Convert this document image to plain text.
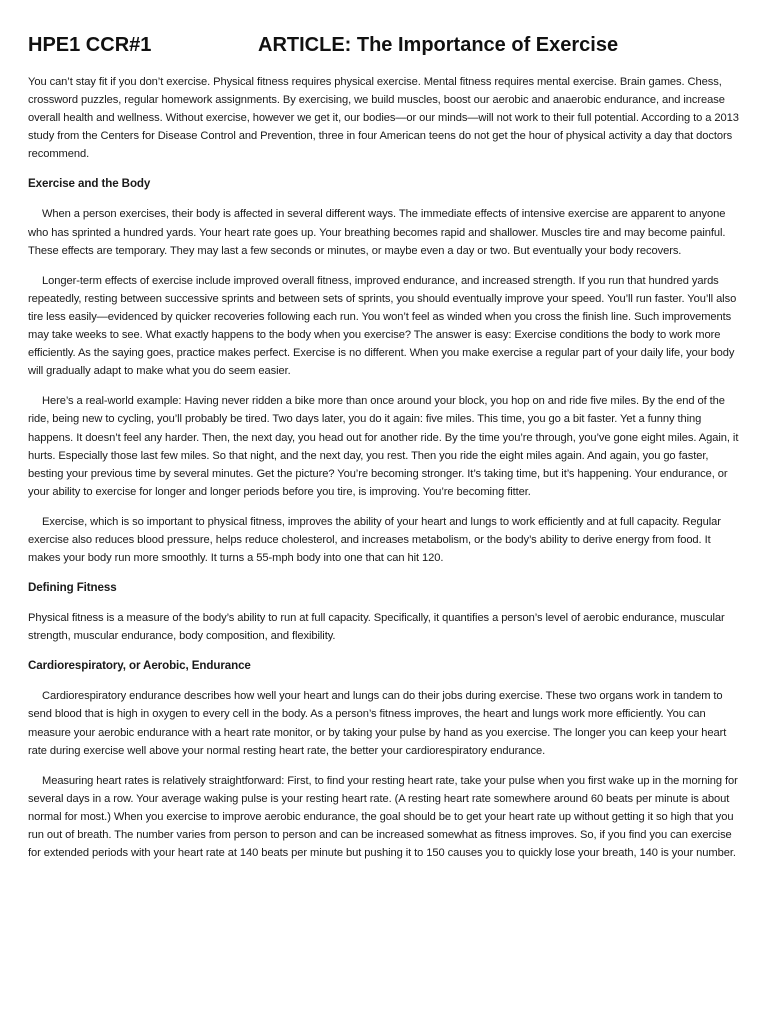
HPE1 CCR#1	ARTICLE: The Importance of Exercise

You can’t stay fit if you don’t exercise. Physical fitness requires physical exercise. Mental fitness requires mental exercise. Brain games. Chess, crossword puzzles, regular homework assignments. By exercising, we build muscles, boost our aerobic and anaerobic endurance, and increase overall health and wellness. Without exercise, however we get it, our bodies—or our minds—will not work to their full potential. According to a 2013 study from the Centers for Disease Control and Prevention, three in four American teens do not get the hour of physical activity a day that doctors recommend.

Exercise and the Body

When a person exercises, their body is affected in several different ways. The immediate effects of intensive exercise are apparent to anyone who has sprinted a hundred yards. Your heart rate goes up. Your breathing becomes rapid and shallower. Muscles tire and may become painful. These effects are temporary. They may last a few seconds or minutes, or maybe even a day or two. But eventually your body recovers.

Longer-term effects of exercise include improved overall fitness, improved endurance, and increased strength. If you run that hundred yards repeatedly, resting between successive sprints and between sets of sprints, you should eventually improve your speed. You’ll run faster. You’ll also tire less easily—evidenced by quicker recoveries following each run. You won’t feel as winded when you cross the finish line. Such improvements may take weeks to see. What exactly happens to the body when you exercise? The answer is easy: Exercise conditions the body to work more efficiently. As the saying goes, practice makes perfect. Exercise is no different. When you make exercise a regular part of your daily life, your body will gradually adapt to make what you do seem easier.

Here’s a real-world example: Having never ridden a bike more than once around your block, you hop on and ride five miles. By the end of the ride, being new to cycling, you’ll probably be tired. Two days later, you do it again: five miles. This time, you go a bit faster. Yet a funny thing happens. It doesn’t feel any harder. Then, the next day, you head out for another ride. By the time you’re through, you’ve gone eight miles. Again, it hurts. Especially those last few miles. So that night, and the next day, you rest. Then you ride the eight miles again. And again, you go faster, besting your previous time by several minutes. Get the picture? You’re becoming stronger. It’s taking time, but it’s happening. Your endurance, or your ability to exercise for longer and longer periods before you tire, is improving. You’re becoming fitter.

Exercise, which is so important to physical fitness, improves the ability of your heart and lungs to work efficiently and at full capacity. Regular exercise also reduces blood pressure, helps reduce cholesterol, and increases metabolism, or the body’s ability to derive energy from food. It makes your body run more smoothly. It turns a 55-mph body into one that can hit 120.

Defining Fitness

Physical fitness is a measure of the body’s ability to run at full capacity. Specifically, it quantifies a person’s level of aerobic endurance, muscular strength, muscular endurance, body composition, and flexibility.

Cardiorespiratory, or Aerobic, Endurance

Cardiorespiratory endurance describes how well your heart and lungs can do their jobs during exercise. These two organs work in tandem to send blood that is high in oxygen to every cell in the body. As a person’s fitness improves, the heart and lungs work more efficiently. You can measure your aerobic endurance with a heart rate monitor, or by taking your pulse by hand as you exercise. The longer you can keep your heart rate during exercise well above your normal resting heart rate, the better your cardiorespiratory endurance.

Measuring heart rates is relatively straightforward: First, to find your resting heart rate, take your pulse when you first wake up in the morning for several days in a row. Your average waking pulse is your resting heart rate. (A resting heart rate somewhere around 60 beats per minute is about normal for most.) When you exercise to improve aerobic endurance, the goal should be to get your heart rate up without getting it so high that you run out of breath. The number varies from person to person and can be increased somewhat as fitness improves. So, if you find you can exercise for extended periods with your heart rate at 140 beats per minute but pushing it to 150 causes you to quickly lose your breath, 140 is your number.
